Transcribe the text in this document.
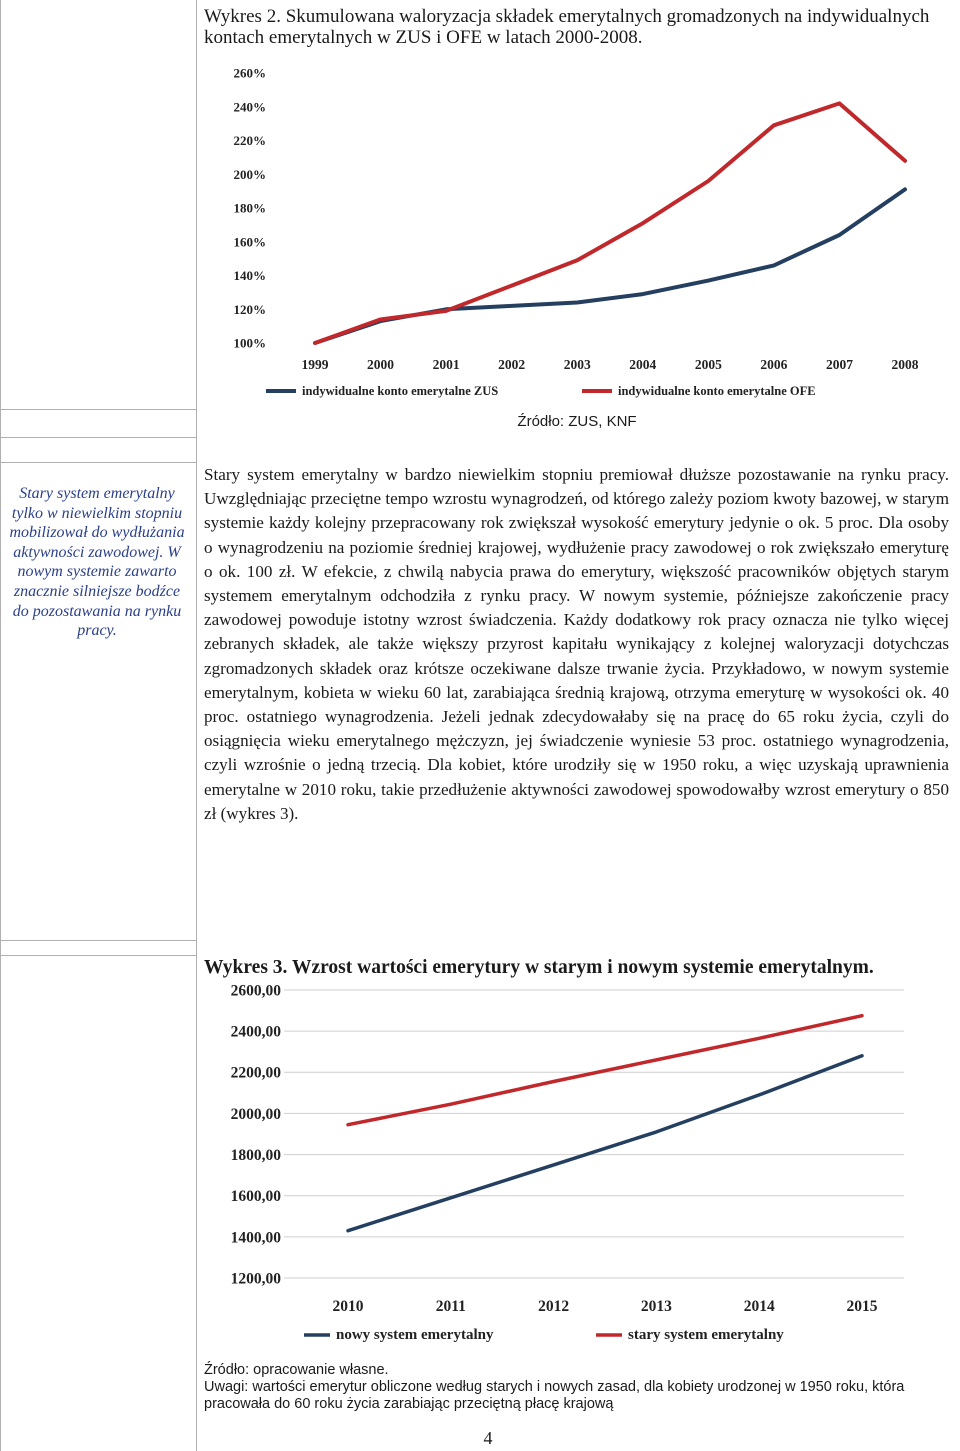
Wykres 2. Skumulowana waloryzacja składek emerytalnych gromadzonych na indywidualnych kontach emerytalnych w ZUS i OFE w latach 2000-2008.
100%
120%
140%
160%
180%
200%
220%
240%
260%
1999	2000	2001	2002	2003	2004	2005	2006	2007	2008
indywidualne konto emerytalne ZUS	indywidualne konto emerytalne OFE
Źródło: ZUS, KNF
Stary system emerytalny tylko w niewielkim stopniu mobilizował do wydłużania aktywności zawodowej. W nowym systemie zawarto znacznie silniejsze bodźce do pozostawania na rynku pracy.

Stary system emerytalny w bardzo niewielkim stopniu premiował dłuższe pozostawanie na rynku pracy. Uwzględniając przeciętne tempo wzrostu wynagrodzeń, od którego zależy poziom kwoty bazowej, w starym systemie każdy kolejny przepracowany rok zwiększał wysokość emerytury jedynie o ok. 5 proc. Dla osoby o wynagrodzeniu na poziomie średniej krajowej, wydłużenie pracy zawodowej o rok zwiększało emeryturę o ok. 100 zł. W efekcie, z chwilą nabycia prawa do emerytury, większość pracowników objętych starym systemem emerytalnym odchodziła z rynku pracy. W nowym systemie, późniejsze zakończenie pracy zawodowej powoduje istotny wzrost świadczenia. Każdy dodatkowy rok pracy oznacza nie tylko więcej zebranych składek, ale także większy przyrost kapitału wynikający z kolejnej waloryzacji dotychczas zgromadzonych składek oraz krótsze oczekiwane dalsze trwanie życia. Przykładowo, w nowym systemie emerytalnym, kobieta w wieku 60 lat, zarabiająca średnią krajową, otrzyma emeryturę w wysokości ok. 40 proc. ostatniego wynagrodzenia. Jeżeli jednak zdecydowałaby się na pracę do 65 roku życia, czyli do osiągnięcia wieku emerytalnego mężczyzn, jej świadczenie wyniesie 53 proc. ostatniego wynagrodzenia, czyli wzrośnie o jedną trzecią. Dla kobiet, które urodziły się w 1950 roku, a więc uzyskają uprawnienia emerytalne w 2010 roku, takie przedłużenie aktywności zawodowej spowodowałby wzrost emerytury o 850 zł (wykres 3).

Wykres 3. Wzrost wartości emerytury w starym i nowym systemie emerytalnym.
1200,00
1400,00
1600,00
1800,00
2000,00
2200,00
2400,00
2600,00
2010	2011	2012	2013	2014	2015
nowy system emerytalny	stary system emerytalny
Źródło: opracowanie własne.
Uwagi: wartości emerytur obliczone według starych i nowych zasad, dla kobiety urodzonej w 1950 roku, która pracowała do 60 roku życia zarabiając przeciętną płacę krajową
4
